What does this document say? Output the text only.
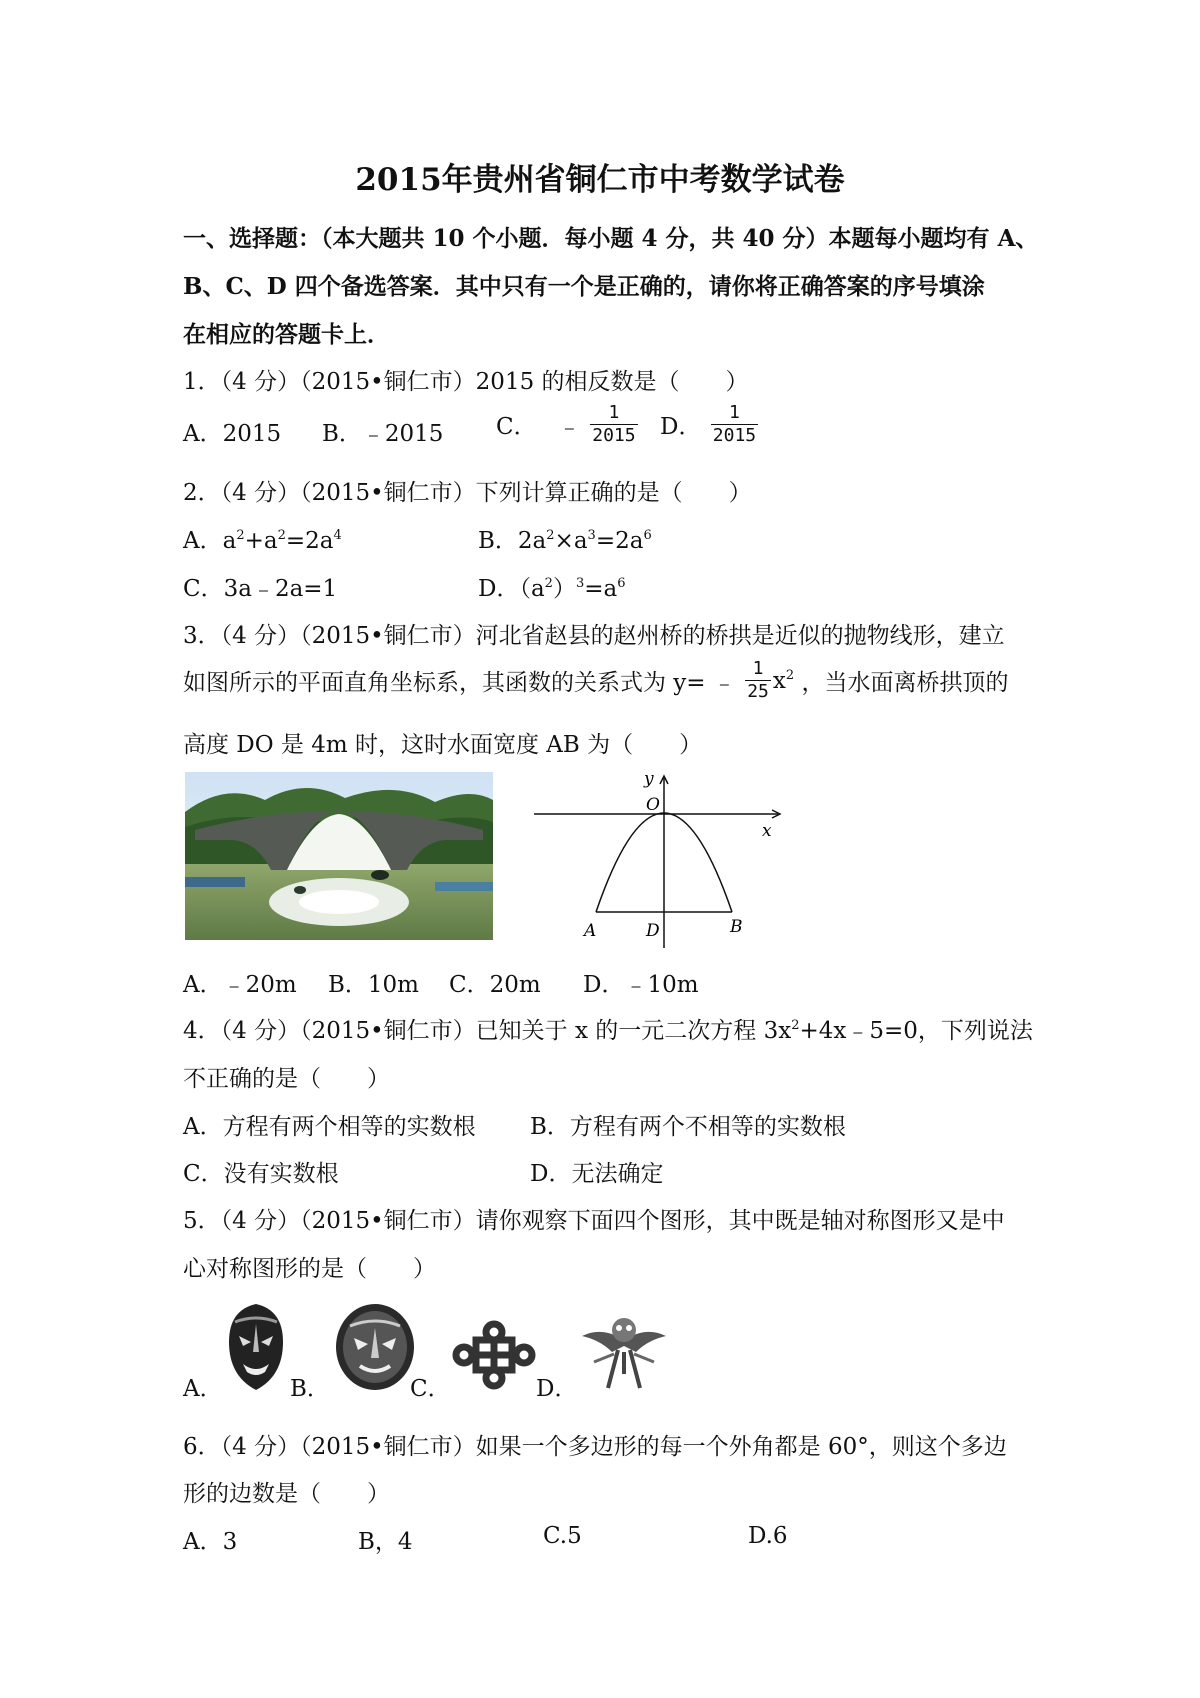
2015年贵州省铜仁市中考数学试卷
一、选择题：（本大题共 10 个小题．每小题 4 分，共 40 分）本题每小题均有 A、
B、C、D 四个备选答案．其中只有一个是正确的，请你将正确答案的序号填涂
在相应的答题卡上．
1．（4 分）（2015•铜仁市）2015 的相反数是（　　）
A．2015 B．﹣2015 C． ﹣ $\frac{1}{2015}$ D． $\frac{1}{2015}$
2．（4 分）（2015•铜仁市）下列计算正确的是（　　）
A．$a^2+a^2=2a^4$	B．$2a^2\times a^3=2a^6$
C．3a﹣2a=1	D．$(a^2)^3=a^6$
3．（4 分）（2015•铜仁市）河北省赵县的赵州桥的桥拱是近似的抛物线形，建立
如图所示的平面直角坐标系，其函数的关系式为 y= ﹣ $\frac{1}{25} x^2$ ，当水面离桥拱顶的
高度 DO 是 4m 时，这时水面宽度 AB 为（　　）
y
x
O
A	D	B
A．﹣20m B．10m C．20m D．﹣10m
4．（4 分）（2015•铜仁市）已知关于 x 的一元二次方程 $3x^2+4x﹣5=0$，下列说法
不正确的是（　　）
A．方程有两个相等的实数根 B．方程有两个不相等的实数根
C．没有实数根	D．无法确定
5．（4 分）（2015•铜仁市）请你观察下面四个图形，其中既是轴对称图形又是中
心对称图形的是（　　）
A．	B．	C．	D．
6．（4 分）（2015•铜仁市）如果一个多边形的每一个外角都是 60°，则这个多边
形的边数是（　　）
A．3	B，4	C.5	D.6
